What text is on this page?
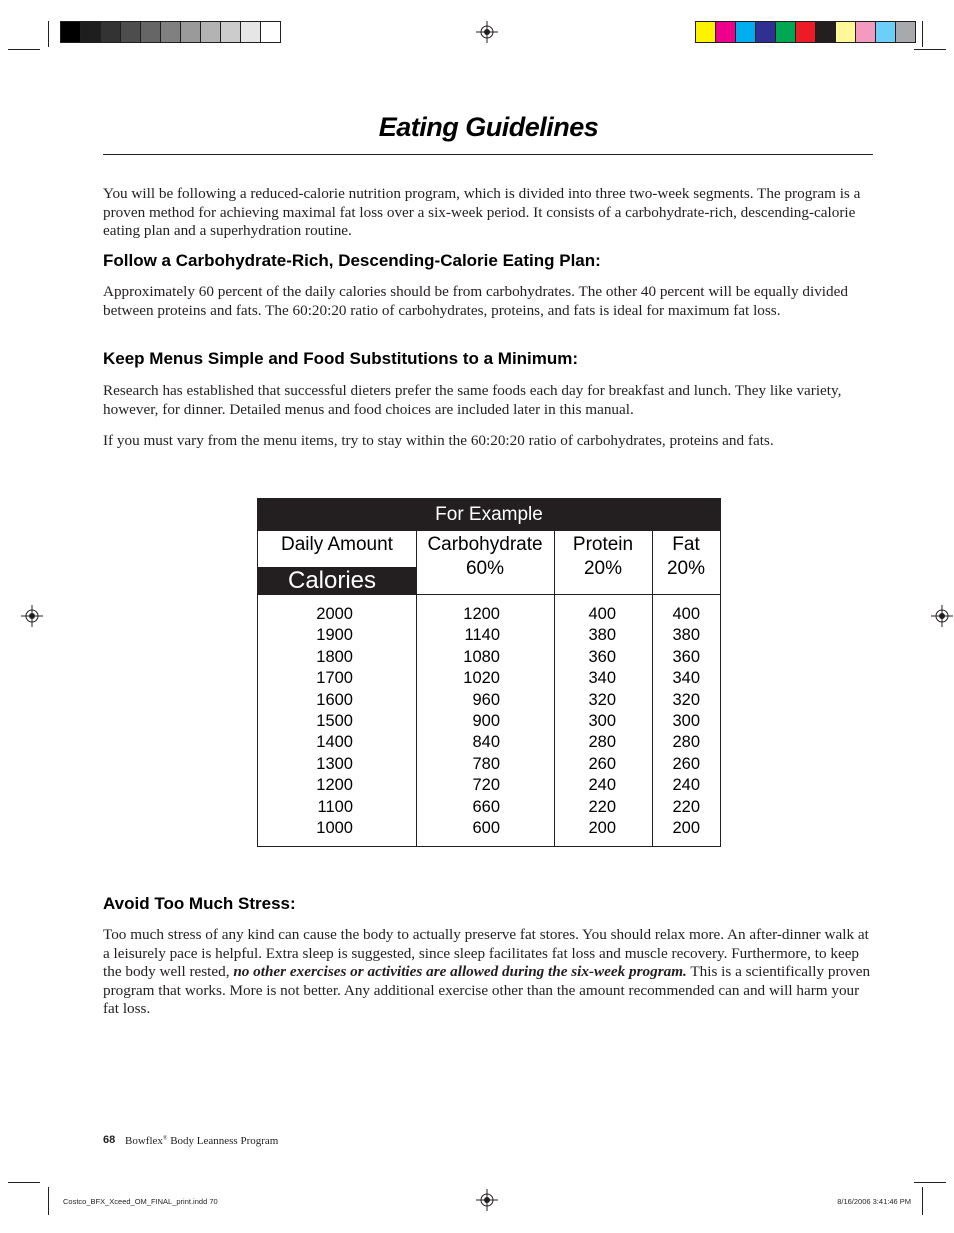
Eating Guidelines

You will be following a reduced-calorie nutrition program, which is divided into three two-week segments. The program is a proven method for achieving maximal fat loss over a six-week period. It consists of a carbohydrate-rich, descending-calorie eating plan and a superhydration routine.

Follow a Carbohydrate-Rich, Descending-Calorie Eating Plan:

Approximately 60 percent of the daily calories should be from carbohydrates. The other 40 percent will be equally divided between proteins and fats. The 60:20:20 ratio of carbohydrates, proteins, and fats is ideal for maximum fat loss.

Keep Menus Simple and Food Substitutions to a Minimum:

Research has established that successful dieters prefer the same foods each day for breakfast and lunch. They like variety, however, for dinner. Detailed menus and food choices are included later in this manual.

If you must vary from the menu items, try to stay within the 60:20:20 ratio of carbohydrates, proteins and fats.

For Example
Daily Amount
Calories
Carbohydrate
60%
Protein
20%
Fat
20%
2000
1900
1800
1700
1600
1500
1400
1300
1200
1100
1000
1200
1140
1080
1020
960
900
840
780
720
660
600
400
380
360
340
320
300
280
260
240
220
200
400
380
360
340
320
300
280
260
240
220
200
Avoid Too Much Stress:

Too much stress of any kind can cause the body to actually preserve fat stores. You should relax more. An after-dinner walk at a leisurely pace is helpful. Extra sleep is suggested, since sleep facilitates fat loss and muscle recovery. Furthermore, to keep the body well rested, no other exercises or activities are allowed during the six-week program. This is a scientifically proven program that works. More is not better. Any additional exercise other than the amount recommended can and will harm your fat loss.

68 Bowflex® Body Leanness Program
Costco_BFX_Xceed_OM_FINAL_print.indd 70	8/16/2006 3:41:46 PM
